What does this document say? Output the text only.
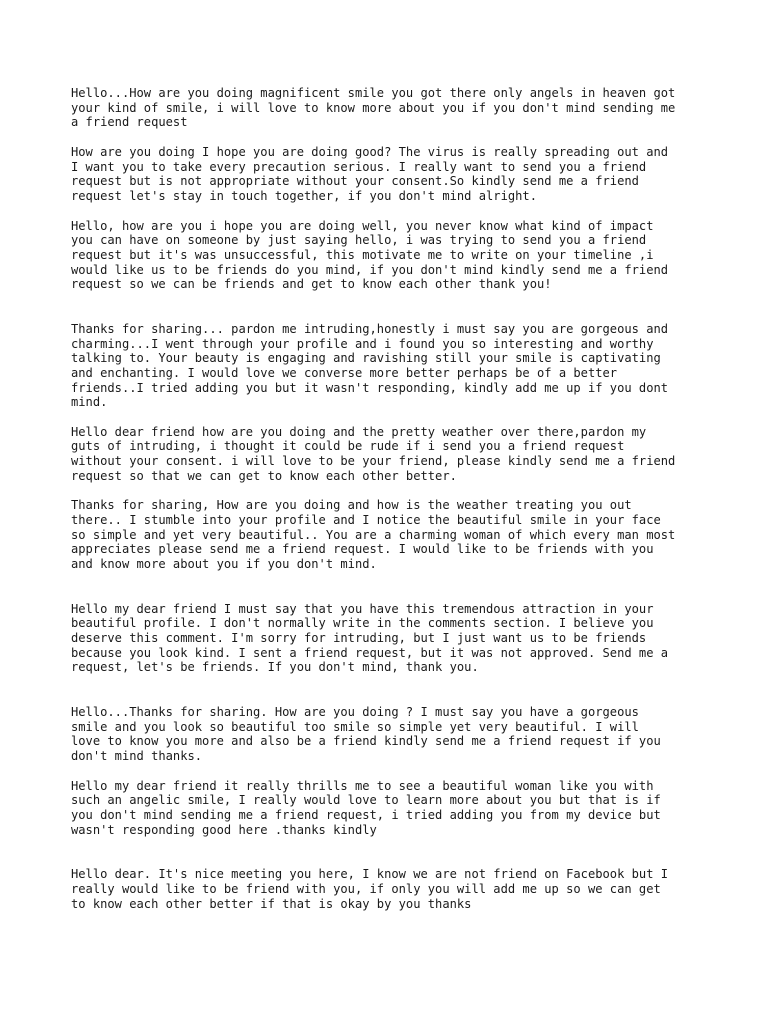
Hello...How are you doing magnificent smile you got there only angels in heaven got
your kind of smile, i will love to know more about you if you don't mind sending me
a friend request

How are you doing I hope you are doing good? The virus is really spreading out and
I want you to take every precaution serious. I really want to send you a friend
request but is not appropriate without your consent.So kindly send me a friend
request let's stay in touch together, if you don't mind alright.

Hello, how are you i hope you are doing well, you never know what kind of impact
you can have on someone by just saying hello, i was trying to send you a friend
request but it's was unsuccessful, this motivate me to write on your timeline ,i
would like us to be friends do you mind, if you don't mind kindly send me a friend
request so we can be friends and get to know each other thank you!

Thanks for sharing... pardon me intruding,honestly i must say you are gorgeous and
charming...I went through your profile and i found you so interesting and worthy
talking to. Your beauty is engaging and ravishing still your smile is captivating
and enchanting. I would love we converse more better perhaps be of a better
friends..I tried adding you but it wasn't responding, kindly add me up if you dont
mind.

Hello dear friend how are you doing and the pretty weather over there,pardon my
guts of intruding, i thought it could be rude if i send you a friend request
without your consent. i will love to be your friend, please kindly send me a friend
request so that we can get to know each other better.

Thanks for sharing, How are you doing and how is the weather treating you out
there.. I stumble into your profile and I notice the beautiful smile in your face
so simple and yet very beautiful.. You are a charming woman of which every man most
appreciates please send me a friend request. I would like to be friends with you
and know more about you if you don't mind.

Hello my dear friend I must say that you have this tremendous attraction in your
beautiful profile. I don't normally write in the comments section. I believe you
deserve this comment. I'm sorry for intruding, but I just want us to be friends
because you look kind. I sent a friend request, but it was not approved. Send me a
request, let's be friends. If you don't mind, thank you.

Hello...Thanks for sharing. How are you doing ? I must say you have a gorgeous
smile and you look so beautiful too smile so simple yet very beautiful. I will
love to know you more and also be a friend kindly send me a friend request if you
don't mind thanks.

Hello my dear friend it really thrills me to see a beautiful woman like you with
such an angelic smile, I really would love to learn more about you but that is if
you don't mind sending me a friend request, i tried adding you from my device but
wasn't responding good here .thanks kindly

Hello dear. It's nice meeting you here, I know we are not friend on Facebook but I
really would like to be friend with you, if only you will add me up so we can get
to know each other better if that is okay by you thanks
